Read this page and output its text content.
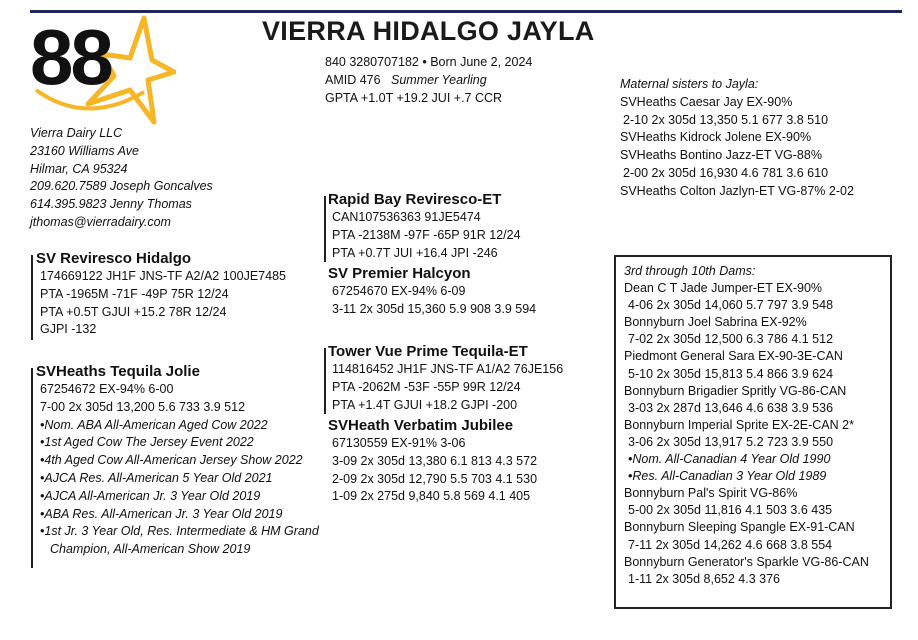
88	VIERRA HIDALGO JAYLA
840 3280707182 • Born June 2, 2024
AMID 476 Summer Yearling
GPTA +1.0T +19.2 JUI +.7 CCR
Vierra Dairy LLC
23160 Williams Ave
Hilmar, CA 95324
209.620.7589 Joseph Goncalves
614.395.9823 Jenny Thomas
jthomas@vierradairy.com
SV Reviresco Hidalgo
174669122 JH1F JNS-TF A2/A2 100JE7485
PTA -1965M -71F -49P 75R 12/24
PTA +0.5T GJUI +15.2 78R 12/24
GJPI -132
SVHeaths Tequila Jolie
67254672 EX-94% 6-00
7-00 2x 305d 13,200 5.6 733 3.9 512
•Nom. ABA All-American Aged Cow 2022
•1st Aged Cow The Jersey Event 2022
•4th Aged Cow All-American Jersey Show 2022
•AJCA Res. All-American 5 Year Old 2021
•AJCA All-American Jr. 3 Year Old 2019
•ABA Res. All-American Jr. 3 Year Old 2019
•1st Jr. 3 Year Old, Res. Intermediate & HM Grand
Champion, All-American Show 2019
Rapid Bay Reviresco-ET
CAN107536363 91JE5474
PTA -2138M -97F -65P 91R 12/24
PTA +0.7T JUI +16.4 JPI -246
SV Premier Halcyon
67254670 EX-94% 6-09
3-11 2x 305d 15,360 5.9 908 3.9 594
Tower Vue Prime Tequila-ET
114816452 JH1F JNS-TF A1/A2 76JE156
PTA -2062M -53F -55P 99R 12/24
PTA +1.4T GJUI +18.2 GJPI -200
SVHeath Verbatim Jubilee
67130559 EX-91% 3-06
3-09 2x 305d 13,380 6.1 813 4.3 572
2-09 2x 305d 12,790 5.5 703 4.1 530
1-09 2x 275d 9,840 5.8 569 4.1 405
Maternal sisters to Jayla:
SVHeaths Caesar Jay EX-90%
2-10 2x 305d 13,350 5.1 677 3.8 510
SVHeaths Kidrock Jolene EX-90%
SVHeaths Bontino Jazz-ET VG-88%
2-00 2x 305d 16,930 4.6 781 3.6 610
SVHeaths Colton Jazlyn-ET VG-87% 2-02
3rd through 10th Dams:
Dean C T Jade Jumper-ET EX-90%
4-06 2x 305d 14,060 5.7 797 3.9 548
Bonnyburn Joel Sabrina EX-92%
7-02 2x 305d 12,500 6.3 786 4.1 512
Piedmont General Sara EX-90-3E-CAN
5-10 2x 305d 15,813 5.4 866 3.9 624
Bonnyburn Brigadier Spritly VG-86-CAN
3-03 2x 287d 13,646 4.6 638 3.9 536
Bonnyburn Imperial Sprite EX-2E-CAN 2*
3-06 2x 305d 13,917 5.2 723 3.9 550
•Nom. All-Canadian 4 Year Old 1990
•Res. All-Canadian 3 Year Old 1989
Bonnyburn Pal's Spirit VG-86%
5-00 2x 305d 11,816 4.1 503 3.6 435
Bonnyburn Sleeping Spangle EX-91-CAN
7-11 2x 305d 14,262 4.6 668 3.8 554
Bonnyburn Generator's Sparkle VG-86-CAN
1-11 2x 305d 8,652 4.3 376
